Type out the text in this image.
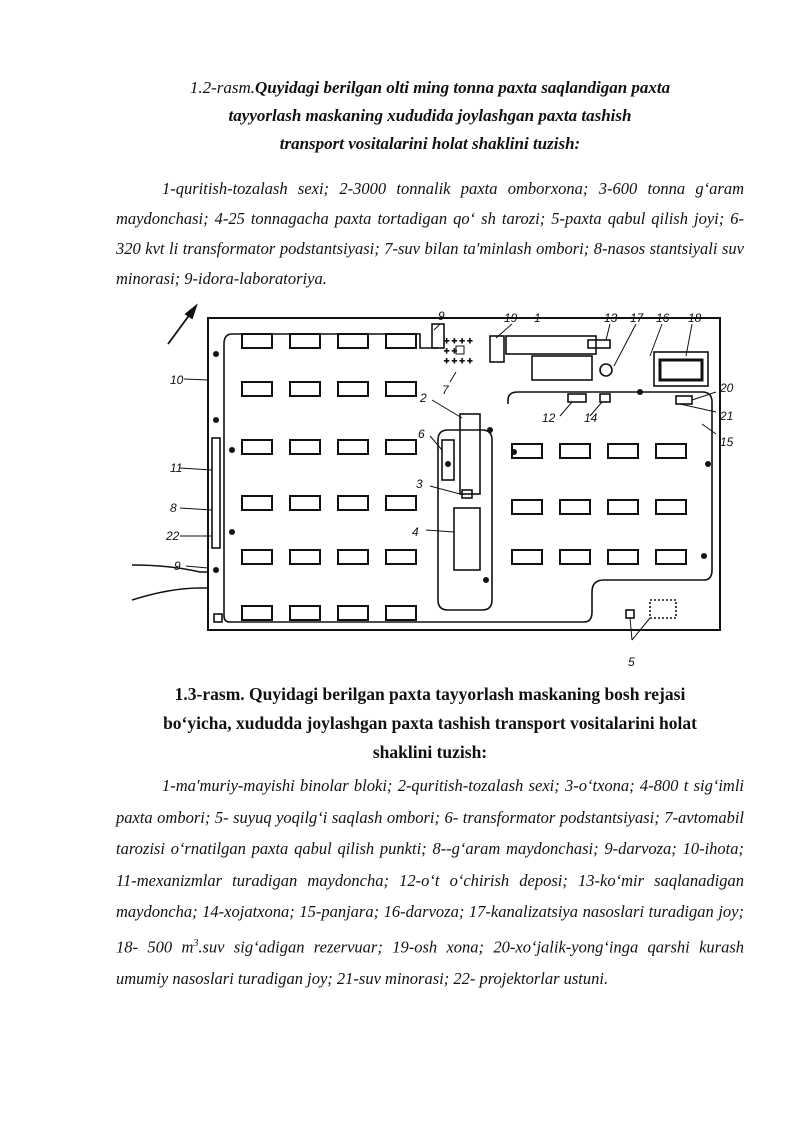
1.2-rasm.Quyidagi berilgan olti ming tonna paxta saqlandigan paxta
tayyorlash maskaning xududida joylashgan paxta tashish
transport vositalarini holat shaklini tuzish:
1-quritish-tozalash sexi; 2-3000 tonnalik paxta omborxona; 3-600 tonna g‘aram maydonchasi; 4-25 tonnagacha paxta tortadigan qo‘ sh tarozi; 5-paxta qabul qilish joyi; 6-320 kvt li transformator podstantsiyasi; 7-suv bilan ta'minlash ombori; 8-nasos stantsiyali suv minorasi; 9-idora-laboratoriya.
+ + + +
+ +
+ + + +
9
7
19 1	13 17 16 18
20
21
15
12 14
2
6
3
4
5
10
11
8
22
9
1.3-rasm. Quyidagi berilgan paxta tayyorlash maskaning bosh rejasi
bo‘yicha, xududda joylashgan paxta tashish transport vositalarini holat
shaklini tuzish:
1-ma'muriy-mayishi binolar bloki; 2-quritish-tozalash sexi; 3-o‘txona; 4-800 t sig‘imli paxta ombori; 5- suyuq yoqilg‘i saqlash ombori; 6- transformator podstantsiyasi; 7-avtomabil tarozisi o‘rnatilgan paxta qabul qilish punkti; 8--g‘aram maydonchasi; 9-darvoza; 10-ihota; 11-mexanizmlar turadigan maydoncha; 12-o‘t o‘chirish deposi; 13-ko‘mir saqlanadigan maydoncha; 14-xojatxona; 15-panjara; 16-darvoza; 17-kanalizatsiya nasoslari turadigan joy; 18- 500 $m^3.suv$ sig‘adigan rezervuar; 19-osh xona; 20-xo‘jalik-yong‘inga qarshi kurash umumiy nasoslari turadigan joy; 21-suv minorasi; 22- projektorlar ustuni.
